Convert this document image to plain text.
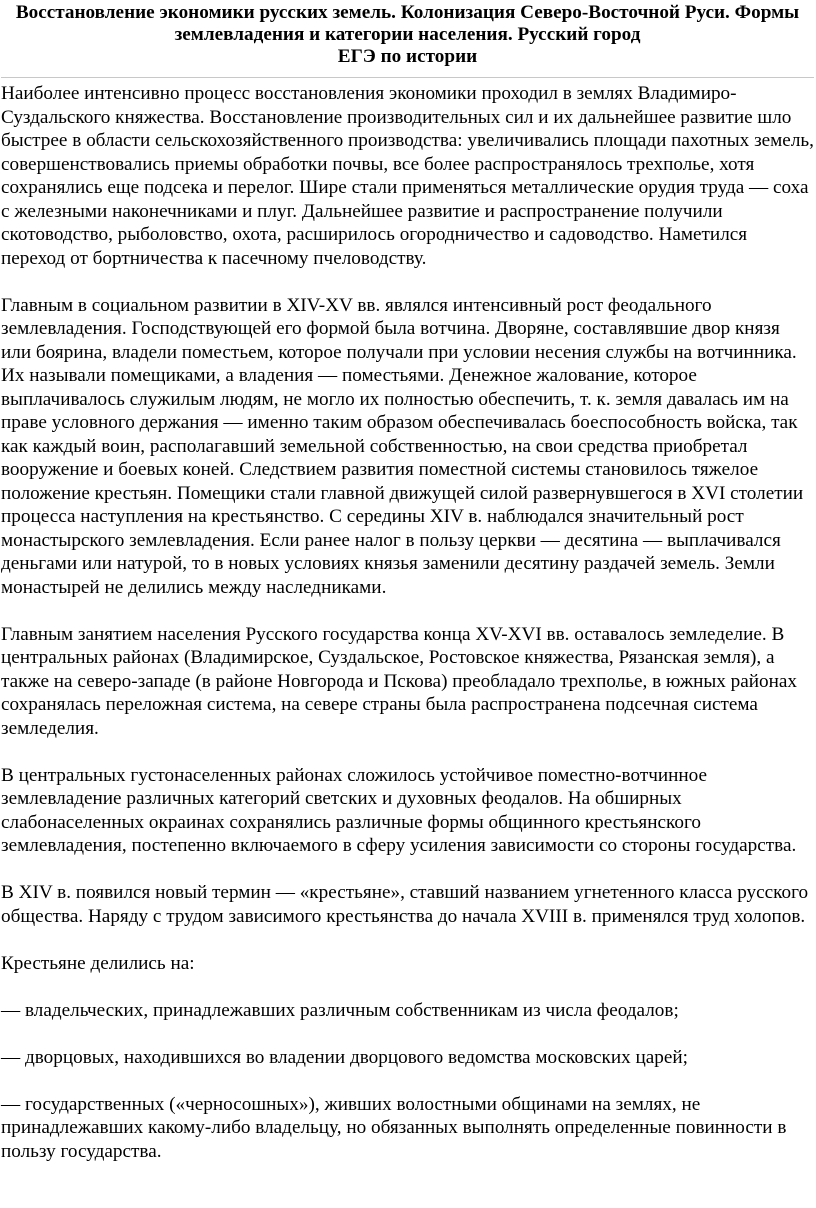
Восстановление экономики русских земель. Колонизация Северо-Восточной Руси. Формы
землевладения и категории населения. Русский город
ЕГЭ по истории

Наиболее интенсивно процесс восстановления экономики проходил в землях Владимиро-Суздальского княжества. Восстановление производительных сил и их дальнейшее развитие шло быстрее в области сельскохозяйственного производства: увеличивались площади пахотных земель, совершенствовались приемы обработки почвы, все более распространялось трехполье, хотя сохранялись еще подсека и перелог. Шире стали применяться металлические орудия труда — соха с железными наконечниками и плуг. Дальнейшее развитие и распространение получили скотоводство, рыболовство, охота, расширилось огородничество и садоводство. Наметился переход от бортничества к пасечному пчеловодству.

Главным в социальном развитии в XIV-XV вв. являлся интенсивный рост феодального землевладения. Господствующей его формой была вотчина. Дворяне, составлявшие двор князя или боярина, владели поместьем, которое получали при условии несения службы на вотчинника. Их называли помещиками, а владения — поместьями. Денежное жалование, которое выплачивалось служилым людям, не могло их полностью обеспечить, т. к. земля давалась им на праве условного держания — именно таким образом обеспечивалась боеспособность войска, так как каждый воин, располагавший земельной собственностью, на свои средства приобретал вооружение и боевых коней. Следствием развития поместной системы становилось тяжелое положение крестьян. Помещики стали главной движущей силой развернувшегося в XVI столетии процесса наступления на крестьянство. С середины XIV в. наблюдался значительный рост монастырского землевладения. Если ранее налог в пользу церкви — десятина — выплачивался деньгами или натурой, то в новых условиях князья заменили десятину раздачей земель. Земли монастырей не делились между наследниками.

Главным занятием населения Русского государства конца XV-XVI вв. оставалось земледелие. В центральных районах (Владимирское, Суздальское, Ростовское княжества, Рязанская земля), а также на северо-западе (в районе Новгорода и Пскова) преобладало трехполье, в южных районах сохранялась переложная система, на севере страны была распространена подсечная система земледелия.

В центральных густонаселенных районах сложилось устойчивое поместно-вотчинное землевладение различных категорий светских и духовных феодалов. На обширных слабонаселенных окраинах сохранялись различные формы общинного крестьянского землевладения, постепенно включаемого в сферу усиления зависимости со стороны государства.

В XIV в. появился новый термин — «крестьяне», ставший названием угнетенного класса русского общества. Наряду с трудом зависимого крестьянства до начала XVIII в. применялся труд холопов.

Крестьяне делились на:

— владельческих, принадлежавших различным собственникам из числа феодалов;

— дворцовых, находившихся во владении дворцового ведомства московских царей;

— государственных («черносошных»), живших волостными общинами на землях, не принадлежавших какому-либо владельцу, но обязанных выполнять определенные повинности в пользу государства.
